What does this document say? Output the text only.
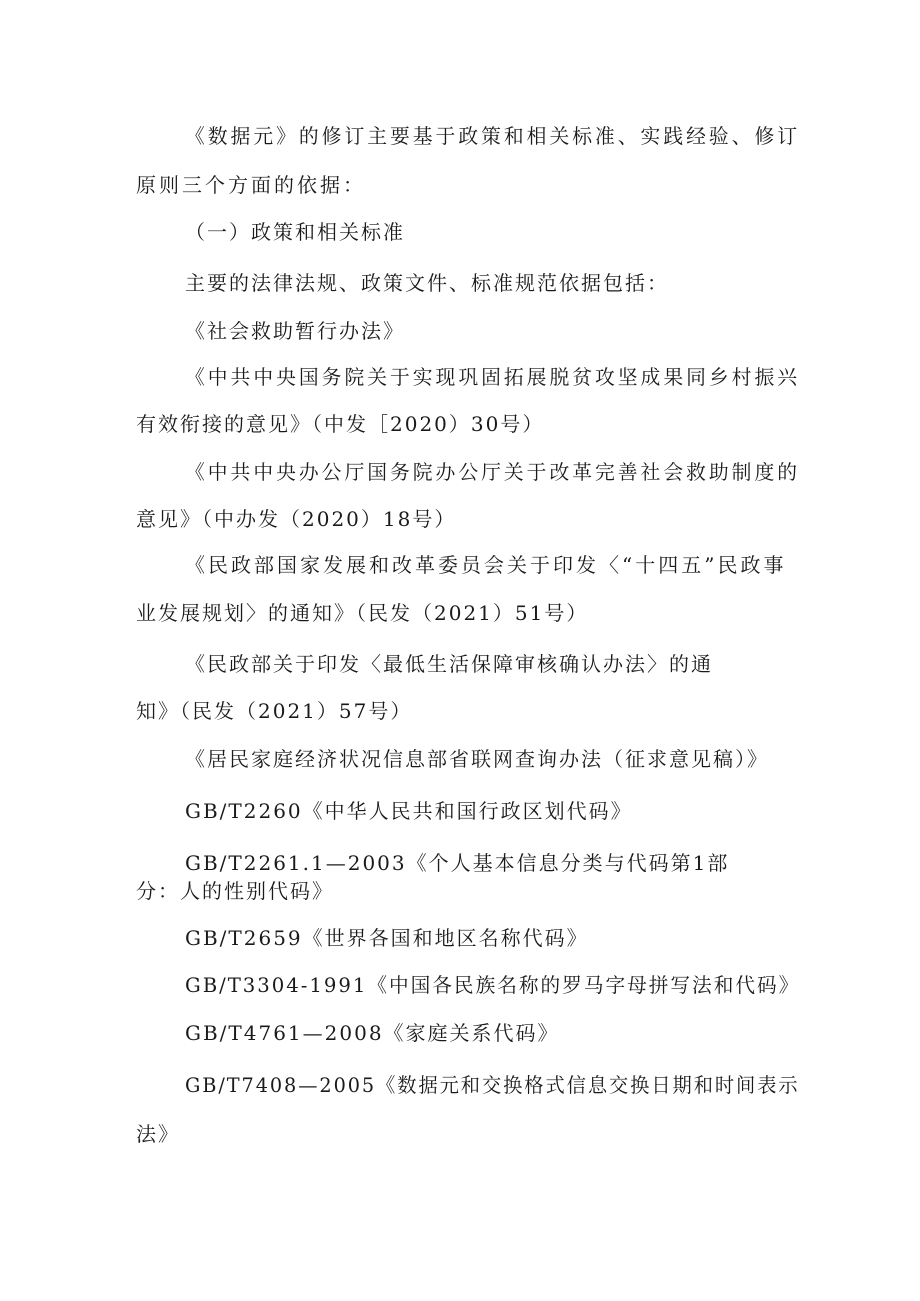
《数据元》的修订主要基于政策和相关标准、实践经验、修订
原则三个方面的依据：
（一）政策和相关标准
主要的法律法规、政策文件、标准规范依据包括：
《社会救助暂行办法》
《中共中央国务院关于实现巩固拓展脱贫攻坚成果同乡村振兴
有效衔接的意见》（中发［2020）30号）
《中共中央办公厅国务院办公厅关于改革完善社会救助制度的
意见》（中办发（2020）18号）
《民政部国家发展和改革委员会关于印发〈“十四五”民政事
业发展规划〉的通知》（民发（2021）51号）
《民政部关于印发〈最低生活保障审核确认办法〉的通
知》（民发（2021）57号）
《居民家庭经济状况信息部省联网查询办法（征求意见稿）》
GB/T2260《中华人民共和国行政区划代码》
GB/T2261.1—2003《个人基本信息分类与代码第1部
分：人的性别代码》
GB/T2659《世界各国和地区名称代码》
GB/T3304-1991《中国各民族名称的罗马字母拼写法和代码》
GB/T4761—2008《家庭关系代码》
GB/T7408—2005《数据元和交换格式信息交换日期和时间表示
法》
